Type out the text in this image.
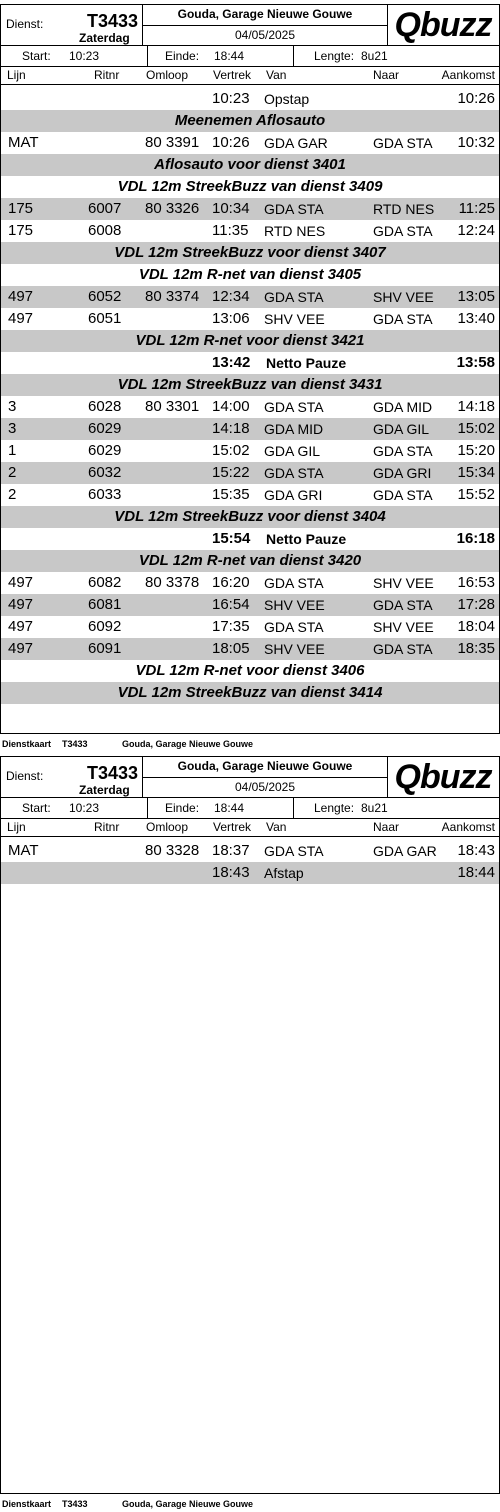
Dienst: T3433
Zaterdag
Gouda, Garage Nieuwe Gouwe
04/05/2025	Qbuzz
Start: 10:23	Einde: 18:44	Lengte: 8u21
Lijn	Ritnr Omloop Vertrek Van	Naar	Aankomst
10:23 Opstap	10:26
Meenemen Aflosauto
MAT	80 3391 10:26 GDA GAR	GDA STA 10:32
Aflosauto voor dienst 3401
VDL 12m StreekBuzz van dienst 3409
175	6007 80 3326 10:34 GDA STA	RTD NES 11:25
175	6008	11:35 RTD NES	GDA STA 12:24
VDL 12m StreekBuzz voor dienst 3407
VDL 12m R-net van dienst 3405
497	6052 80 3374 12:34 GDA STA	SHV VEE 13:05
497	6051	13:06 SHV VEE	GDA STA 13:40
VDL 12m R-net voor dienst 3421
13:42 Netto Pauze	13:58
VDL 12m StreekBuzz van dienst 3431
3	6028 80 3301 14:00 GDA STA	GDA MID 14:18
3	6029	14:18 GDA MID	GDA GIL 15:02
1	6029	15:02 GDA GIL	GDA STA 15:20
2	6032	15:22 GDA STA	GDA GRI 15:34
2	6033	15:35 GDA GRI	GDA STA 15:52
VDL 12m StreekBuzz voor dienst 3404
15:54 Netto Pauze	16:18
VDL 12m R-net van dienst 3420
497	6082 80 3378 16:20 GDA STA	SHV VEE 16:53
497	6081	16:54 SHV VEE	GDA STA 17:28
497	6092	17:35 GDA STA	SHV VEE 18:04
497	6091	18:05 SHV VEE	GDA STA 18:35
VDL 12m R-net voor dienst 3406
VDL 12m StreekBuzz van dienst 3414
Dienstkaart T3433	Gouda, Garage Nieuwe Gouwe
Dienst: T3433
Zaterdag
Gouda, Garage Nieuwe Gouwe
04/05/2025	Qbuzz
Start: 10:23	Einde: 18:44	Lengte: 8u21
Lijn	Ritnr Omloop Vertrek Van	Naar	Aankomst
MAT	80 3328 18:37 GDA STA	GDA GAR 18:43
18:43 Afstap	18:44
Dienstkaart T3433	Gouda, Garage Nieuwe Gouwe
